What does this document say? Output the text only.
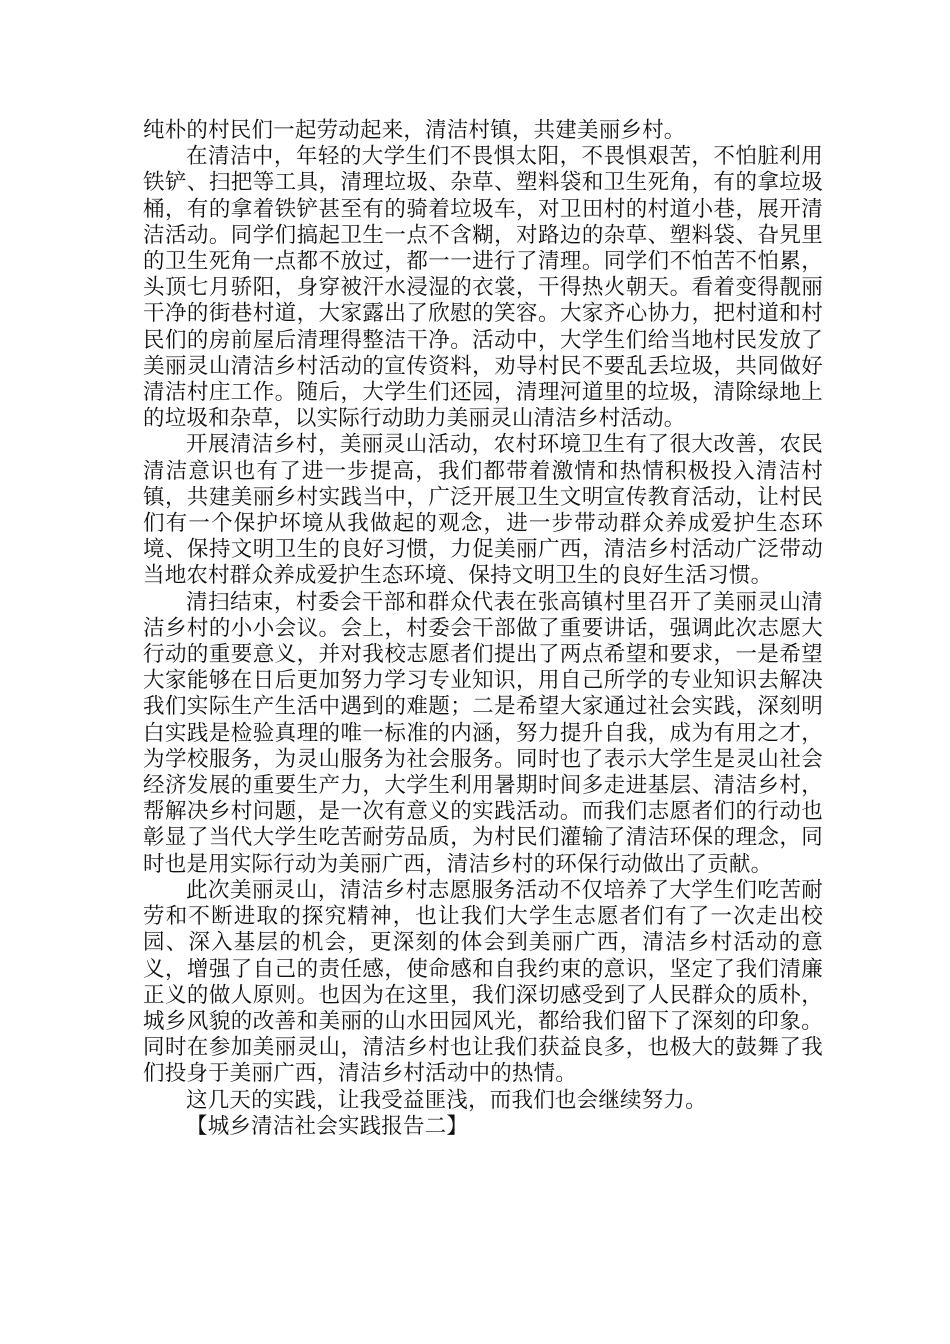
纯朴的村民们一起劳动起来，清洁村镇，共建美丽乡村。

在清洁中，年轻的大学生们不畏惧太阳，不畏惧艰苦，不怕脏利用铁铲、扫把等工具，清理垃圾、杂草、塑料袋和卫生死角，有的拿垃圾桶，有的拿着铁铲甚至有的骑着垃圾车，对卫田村的村道小巷，展开清洁活动。同学们搞起卫生一点不含糊，对路边的杂草、塑料袋、旮旯里的卫生死角一点都不放过，都一一进行了清理。同学们不怕苦不怕累，头顶七月骄阳，身穿被汗水浸湿的衣裳，干得热火朝天。看着变得靓丽干净的街巷村道，大家露出了欣慰的笑容。大家齐心协力，把村道和村民们的房前屋后清理得整洁干净。活动中，大学生们给当地村民发放了美丽灵山清洁乡村活动的宣传资料，劝导村民不要乱丢垃圾，共同做好清洁村庄工作。随后，大学生们还园，清理河道里的垃圾，清除绿地上的垃圾和杂草，以实际行动助力美丽灵山清洁乡村活动。

开展清洁乡村，美丽灵山活动，农村环境卫生有了很大改善，农民清洁意识也有了进一步提高，我们都带着激情和热情积极投入清洁村镇，共建美丽乡村实践当中，广泛开展卫生文明宣传教育活动，让村民们有一个保护坏境从我做起的观念，进一步带动群众养成爱护生态环境、保持文明卫生的良好习惯，力促美丽广西，清洁乡村活动广泛带动当地农村群众养成爱护生态环境、保持文明卫生的良好生活习惯。

清扫结束，村委会干部和群众代表在张高镇村里召开了美丽灵山清洁乡村的小小会议。会上，村委会干部做了重要讲话，强调此次志愿大行动的重要意义，并对我校志愿者们提出了两点希望和要求，一是希望大家能够在日后更加努力学习专业知识，用自己所学的专业知识去解决我们实际生产生活中遇到的难题；二是希望大家通过社会实践，深刻明白实践是检验真理的唯一标准的内涵，努力提升自我，成为有用之才，为学校服务，为灵山服务为社会服务。同时也了表示大学生是灵山社会经济发展的重要生产力，大学生利用暑期时间多走进基层、清洁乡村，帮解决乡村问题，是一次有意义的实践活动。而我们志愿者们的行动也彰显了当代大学生吃苦耐劳品质，为村民们灌输了清洁环保的理念，同时也是用实际行动为美丽广西，清洁乡村的环保行动做出了贡献。

此次美丽灵山，清洁乡村志愿服务活动不仅培养了大学生们吃苦耐劳和不断进取的探究精神，也让我们大学生志愿者们有了一次走出校园、深入基层的机会，更深刻的体会到美丽广西，清洁乡村活动的意义，增强了自己的责任感，使命感和自我约束的意识，坚定了我们清廉正义的做人原则。也因为在这里，我们深切感受到了人民群众的质朴，城乡风貌的改善和美丽的山水田园风光，都给我们留下了深刻的印象。同时在参加美丽灵山，清洁乡村也让我们获益良多，也极大的鼓舞了我们投身于美丽广西，清洁乡村活动中的热情。

这几天的实践，让我受益匪浅，而我们也会继续努力。

【城乡清洁社会实践报告二】
